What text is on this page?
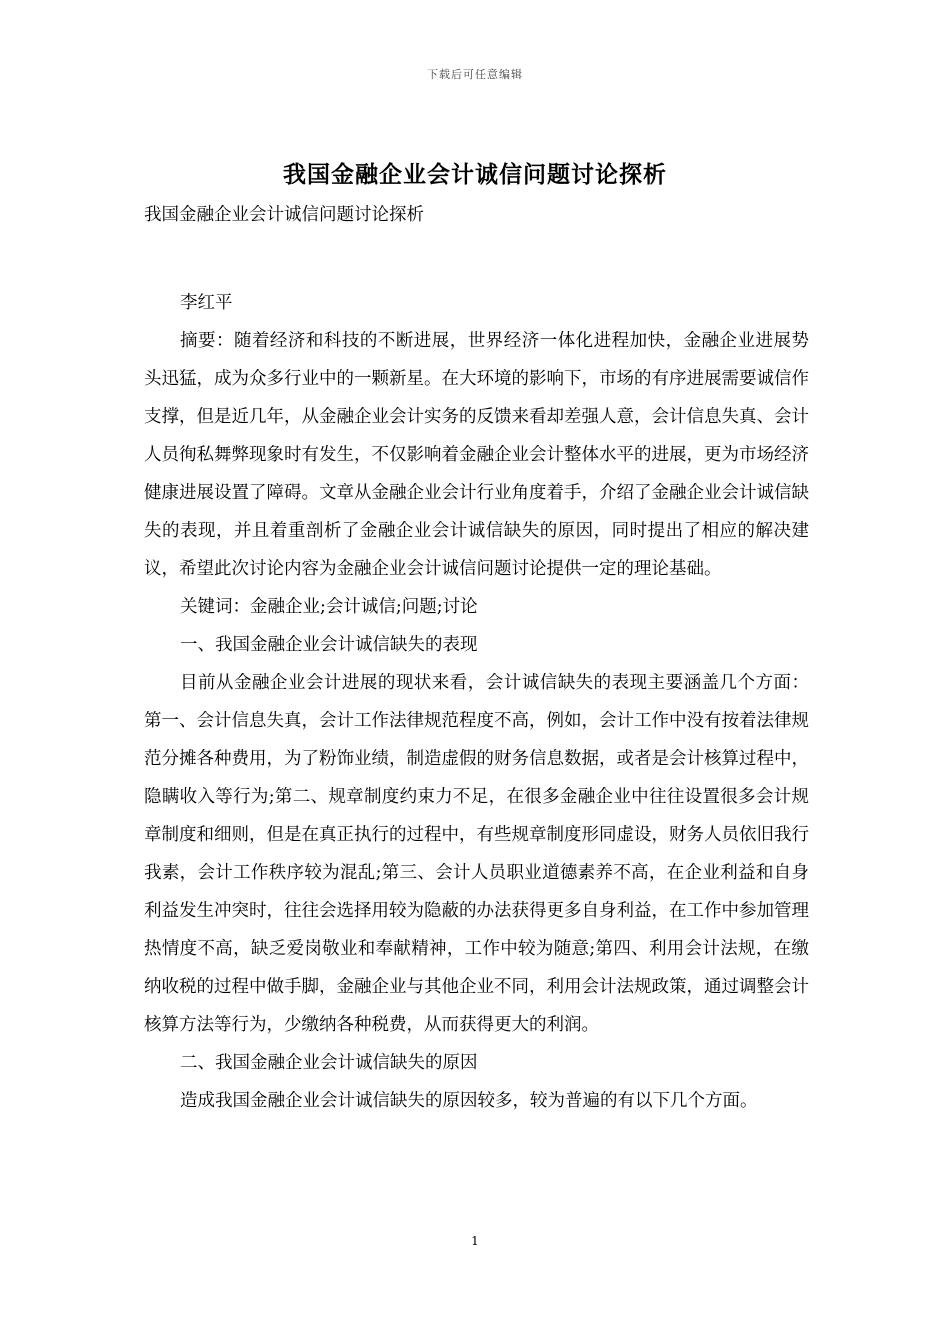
下载后可任意编辑
我国金融企业会计诚信问题讨论探析

我国金融企业会计诚信问题讨论探析

李红平

摘要：随着经济和科技的不断进展，世界经济一体化进程加快，金融企业进展势头迅猛，成为众多行业中的一颗新星。在大环境的影响下，市场的有序进展需要诚信作支撑，但是近几年，从金融企业会计实务的反馈来看却差强人意，会计信息失真、会计人员徇私舞弊现象时有发生，不仅影响着金融企业会计整体水平的进展，更为市场经济健康进展设置了障碍。文章从金融企业会计行业角度着手，介绍了金融企业会计诚信缺失的表现，并且着重剖析了金融企业会计诚信缺失的原因，同时提出了相应的解决建议，希望此次讨论内容为金融企业会计诚信问题讨论提供一定的理论基础。

关键词：金融企业;会计诚信;问题;讨论

一、我国金融企业会计诚信缺失的表现

目前从金融企业会计进展的现状来看，会计诚信缺失的表现主要涵盖几个方面：第一、会计信息失真，会计工作法律规范程度不高，例如，会计工作中没有按着法律规范分摊各种费用，为了粉饰业绩，制造虚假的财务信息数据，或者是会计核算过程中，隐瞒收入等行为;第二、规章制度约束力不足，在很多金融企业中往往设置很多会计规章制度和细则，但是在真正执行的过程中，有些规章制度形同虚设，财务人员依旧我行我素，会计工作秩序较为混乱;第三、会计人员职业道德素养不高，在企业利益和自身利益发生冲突时，往往会选择用较为隐蔽的办法获得更多自身利益，在工作中参加管理热情度不高，缺乏爱岗敬业和奉献精神，工作中较为随意;第四、利用会计法规，在缴纳收税的过程中做手脚，金融企业与其他企业不同，利用会计法规政策，通过调整会计核算方法等行为，少缴纳各种税费，从而获得更大的利润。

二、我国金融企业会计诚信缺失的原因

造成我国金融企业会计诚信缺失的原因较多，较为普遍的有以下几个方面。

1
